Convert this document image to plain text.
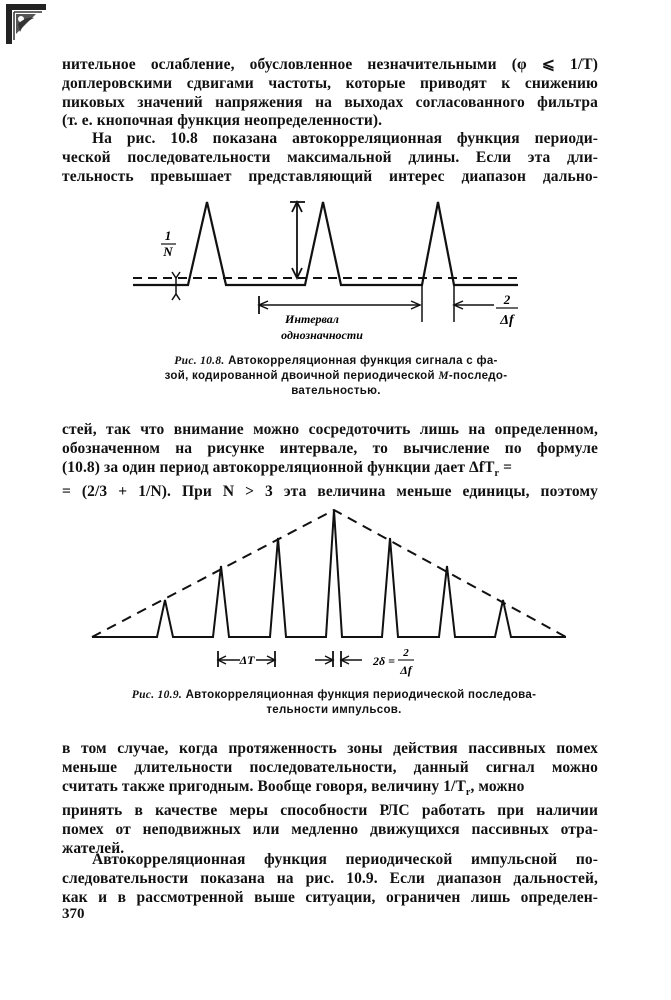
нительное ослабление, обусловленное незначительными (φ ⩽ 1/T)
доплеровскими сдвигами частоты, которые приводят к снижению
пиковых значений напряжения на выходах согласованного фильтра
(т. е. кнопочная функция неопределенности).
На рис. 10.8 показана автокорреляционная функция периоди-
ческой последовательности максимальной длины. Если эта дли-
тельность превышает представляющий интерес диапазон дально-
1
N
Интервал
однозначности
2
Δf
Рис. 10.8. Автокорреляционная функция сигнала с фа-
зой, кодированной двоичной периодической M-последо-
вательностью.
стей, так что внимание можно сосредоточить лишь на определенном,
обозначенном на рисунке интервале, то вычисление по формуле
(10.8) за один период автокорреляционной функции дает ΔfT$_r$ =
= (2/3 + 1/N). При N > 3 эта величина меньше единицы, поэтому
ΔT	2δ =
2
Δf
Рис. 10.9. Автокорреляционная функция периодической последова-
тельности импульсов.
в том случае, когда протяженность зоны действия пассивных помех
меньше длительности последовательности, данный сигнал можно
считать также пригодным. Вообще говоря, величину $1/T_r$, можно
принять в качестве меры способности РЛС работать при наличии
помех от неподвижных или медленно движущихся пассивных отра-
жателей.
Автокорреляционная функция периодической импульсной по-
следовательности показана на рис. 10.9. Если диапазон дальностей,
как и в рассмотренной выше ситуации, ограничен лишь определен-
370
